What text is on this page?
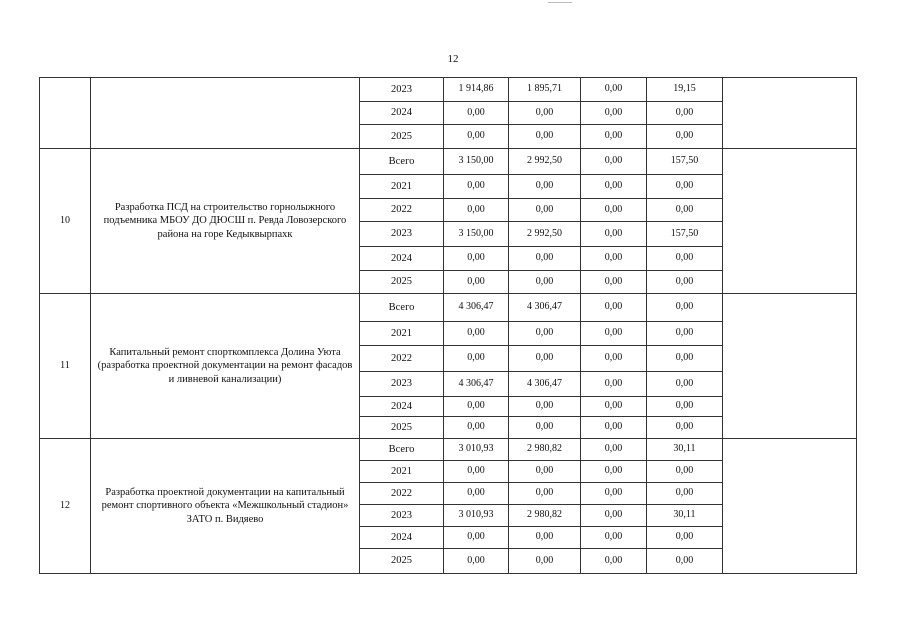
12
		2023	1 914,86	1 895,71	0,00	19,15	
		2024	0,00	0,00	0,00	0,00	
		2025	0,00	0,00	0,00	0,00	
10	Разработка ПСД на строительство горнолыжного подъемника МБОУ ДО ДЮСШ п. Ревда Ловозерского района на горе Кедыквырпахк	Всего	3 150,00	2 992,50	0,00	157,50	
		2021	0,00	0,00	0,00	0,00	
		2022	0,00	0,00	0,00	0,00	
		2023	3 150,00	2 992,50	0,00	157,50	
		2024	0,00	0,00	0,00	0,00	
		2025	0,00	0,00	0,00	0,00	
11	Капитальный ремонт спорткомплекса Долина Уюта (разработка проектной документации на ремонт фасадов и ливневой канализации)	Всего	4 306,47	4 306,47	0,00	0,00	
		2021	0,00	0,00	0,00	0,00	
		2022	0,00	0,00	0,00	0,00	
		2023	4 306,47	4 306,47	0,00	0,00	
		2024	0,00	0,00	0,00	0,00	
		2025	0,00	0,00	0,00	0,00	
12	Разработка проектной документации на капитальный ремонт спортивного объекта «Межшкольный стадион» ЗАТО п. Видяево	Всего	3 010,93	2 980,82	0,00	30,11	
		2021	0,00	0,00	0,00	0,00	
		2022	0,00	0,00	0,00	0,00	
		2023	3 010,93	2 980,82	0,00	30,11	
		2024	0,00	0,00	0,00	0,00	
		2025	0,00	0,00	0,00	0,00	
